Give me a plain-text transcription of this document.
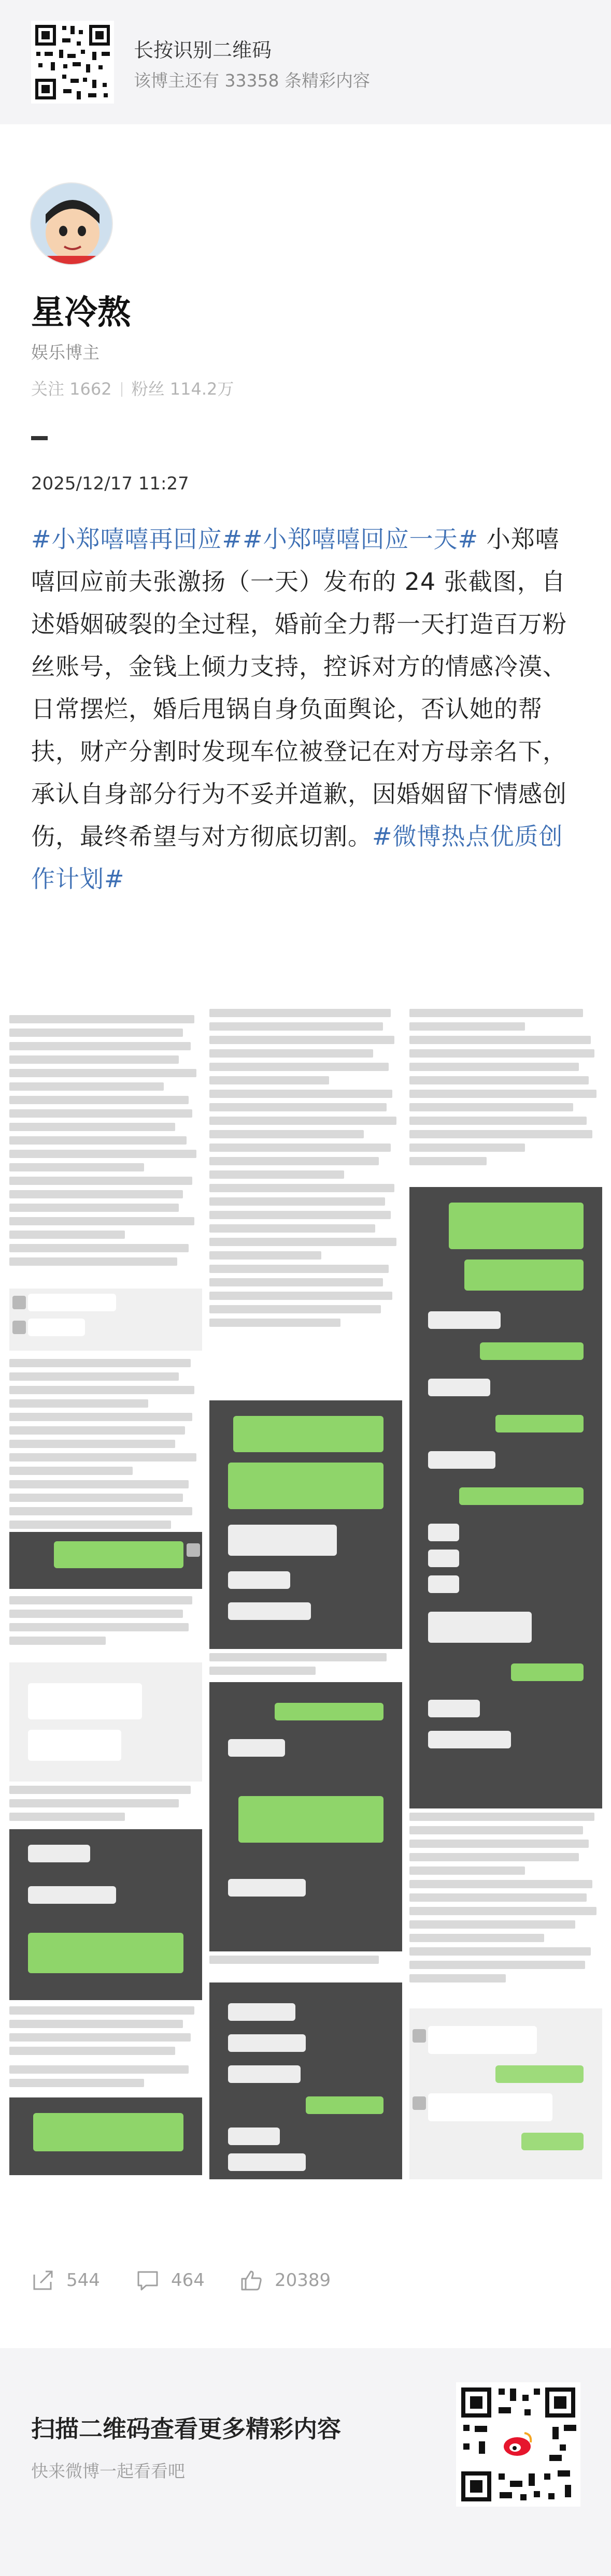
长按识别二维码
该博主还有 33358 条精彩内容
星冷熬
娱乐博主
关注 1662 粉丝 114.2万
2025/12/17 11:27
#小郑嘻嘻再回应##小郑嘻嘻回应一天# 小郑嘻嘻回应前夫张激扬（一天）发布的 24 张截图，自述婚姻破裂的全过程，婚前全力帮一天打造百万粉丝账号，金钱上倾力支持，控诉对方的情感冷漠、日常摆烂，婚后甩锅自身负面舆论，否认她的帮扶，财产分割时发现车位被登记在对方母亲名下，承认自身部分行为不妥并道歉，因婚姻留下情感创伤，最终希望与对方彻底切割。#微博热点优质创作计划#
544	464	20389
扫描二维码查看更多精彩内容
快来微博一起看看吧
